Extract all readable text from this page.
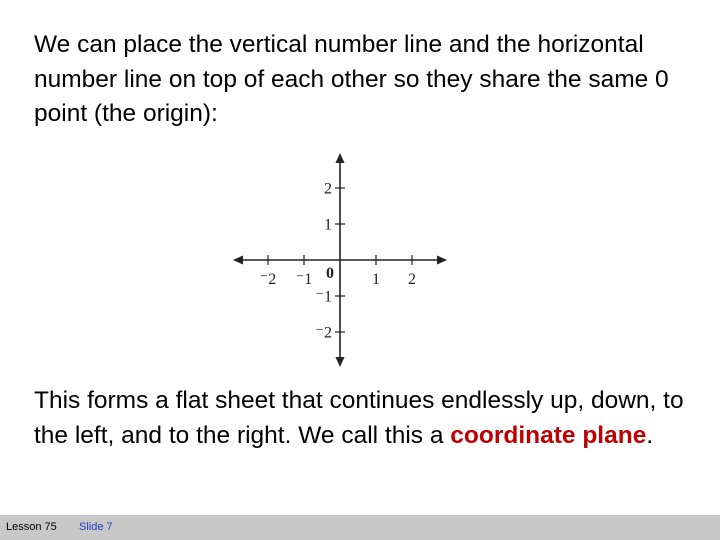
We can place the vertical number line and the horizontal number line on top of each other so they share the same 0 point (the origin):
⁻2 ⁻1	1 2
2
1
⁻1
⁻2
0
This forms a flat sheet that continues endlessly up, down, to the left, and to the right. We call this a coordinate plane.
Lesson 75 Slide 7
